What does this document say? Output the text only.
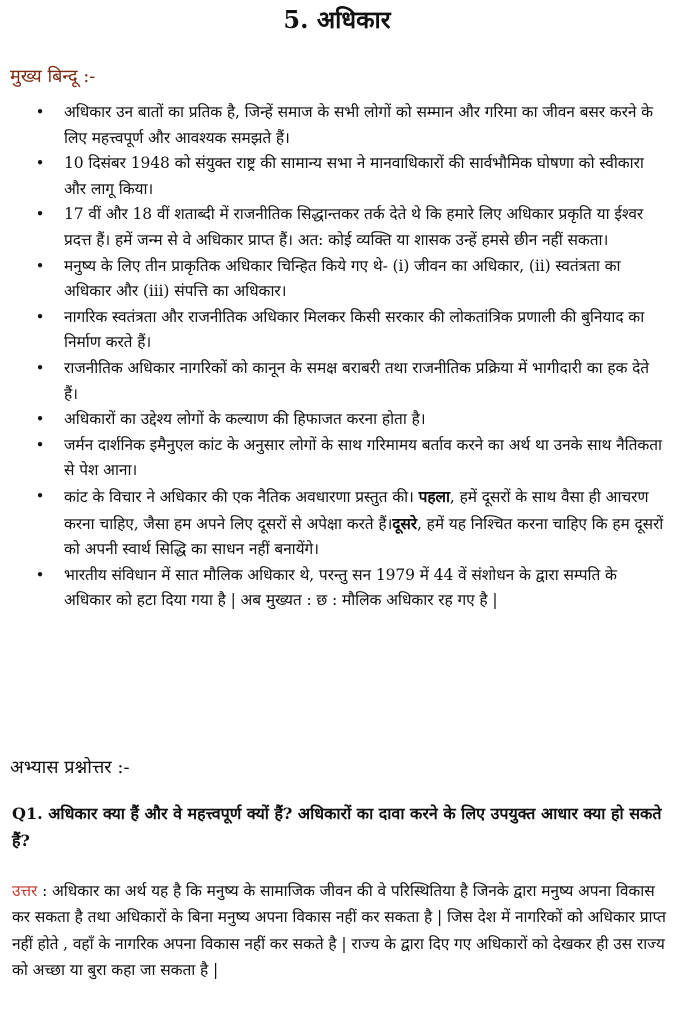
5. अधिकार
मुख्य बिन्दू :-
•	अधिकार उन बातों का प्रतिक है, जिन्हें समाज के सभी लोगों को सम्मान और गरिमा का जीवन बसर करने के लिए महत्त्वपूर्ण और आवश्यक समझते हैं।
•	10 दिसंबर 1948 को संयुक्त राष्ट्र की सामान्य सभा ने मानवाधिकारों की सार्वभौमिक घोषणा को स्वीकारा और लागू किया।
•	17 वीं और 18 वीं शताब्दी में राजनीतिक सिद्धान्तकर तर्क देते थे कि हमारे लिए अधिकार प्रकृति या ईश्वर प्रदत्त हैं। हमें जन्म से वे अधिकार प्राप्त हैं। अत: कोई व्यक्ति या शासक उन्हें हमसे छीन नहीं सकता।
•	मनुष्य के लिए तीन प्राकृतिक अधिकार चिन्हित किये गए थे- (i) जीवन का अधिकार, (ii) स्वतंत्रता का अधिकार और (iii) संपत्ति का अधिकार।
•	नागरिक स्वतंत्रता और राजनीतिक अधिकार मिलकर किसी सरकार की लोकतांत्रिक प्रणाली की बुनियाद का निर्माण करते हैं।
•	राजनीतिक अधिकार नागरिकों को कानून के समक्ष बराबरी तथा राजनीतिक प्रक्रिया में भागीदारी का हक देते हैं।
•	अधिकारों का उद्देश्य लोगों के कल्याण की हिफाजत करना होता है।
•	जर्मन दार्शनिक इमैनुएल कांट के अनुसार लोगों के साथ गरिमामय बर्ताव करने का अर्थ था उनके साथ नैतिकता से पेश आना।
•	कांट के विचार ने अधिकार की एक नैतिक अवधारणा प्रस्तुत की। पहला, हमें दूसरों के साथ वैसा ही आचरण करना चाहिए, जैसा हम अपने लिए दूसरों से अपेक्षा करते हैं।दूसरे, हमें यह निश्चित करना चाहिए कि हम दूसरों को अपनी स्वार्थ सिद्धि का साधन नहीं बनायेंगे।
•	भारतीय संविधान में सात मौलिक अधिकार थे, परन्तु सन 1979 में 44 वें संशोधन के द्वारा सम्पति के अधिकार को हटा दिया गया है | अब मुख्यत : छ : मौलिक अधिकार रह गए है |
अभ्यास प्रश्नोत्तर :-
Q1. अधिकार क्या हैं और वे महत्त्वपूर्ण क्यों हैं? अधिकारों का दावा करने के लिए उपयुक्त आधार क्या हो सकते हैं?
उत्तर : अधिकार का अर्थ यह है कि मनुष्य के सामाजिक जीवन की वे परिस्थितिया है जिनके द्वारा मनुष्य अपना विकास कर सकता है तथा अधिकारों के बिना मनुष्य अपना विकास नहीं कर सकता है | जिस देश में नागरिकों को अधिकार प्राप्त नहीं होते , वहाँ के नागरिक अपना विकास नहीं कर सकते है | राज्य के द्वारा दिए गए अधिकारों को देखकर ही उस राज्य को अच्छा या बुरा कहा जा सकता है |
